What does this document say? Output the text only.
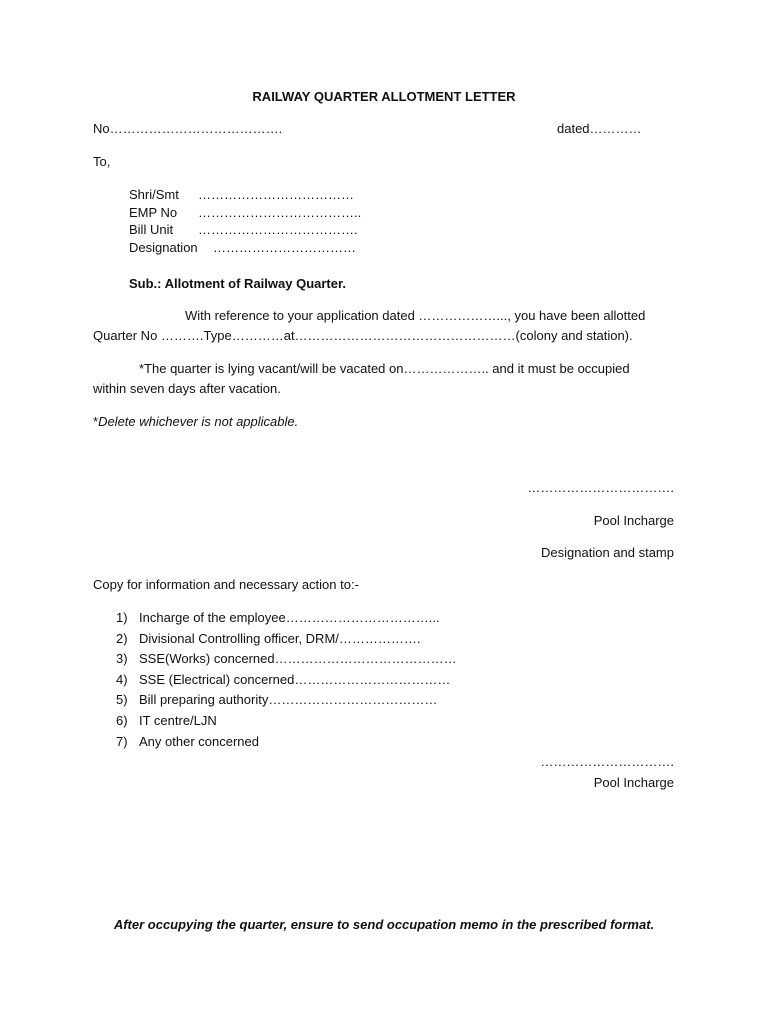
RAILWAY QUARTER ALLOTMENT LETTER
No………………………………….	dated…………
To,
Shri/Smt ………………………………
EMP No ………………………………..
Bill Unit ……………………………….
Designation ……………………………
Sub.: Allotment of Railway Quarter.
With reference to your application dated ………………..., you have been allotted
Quarter No ……….Type…………at……………………………………………(colony and station).
*The quarter is lying vacant/will be vacated on……………….. and it must be occupied
within seven days after vacation.
*Delete whichever is not applicable.
…………………………….
Pool Incharge
Designation and stamp
Copy for information and necessary action to:-
1) Incharge of the employee……………………………...
2) Divisional Controlling officer, DRM/……………….
3) SSE(Works) concerned……………………………………
4) SSE (Electrical) concerned………………………………
5) Bill preparing authority…………………………………
6) IT centre/LJN
7) Any other concerned
………………………….
Pool Incharge
After occupying the quarter, ensure to send occupation memo in the prescribed format.
